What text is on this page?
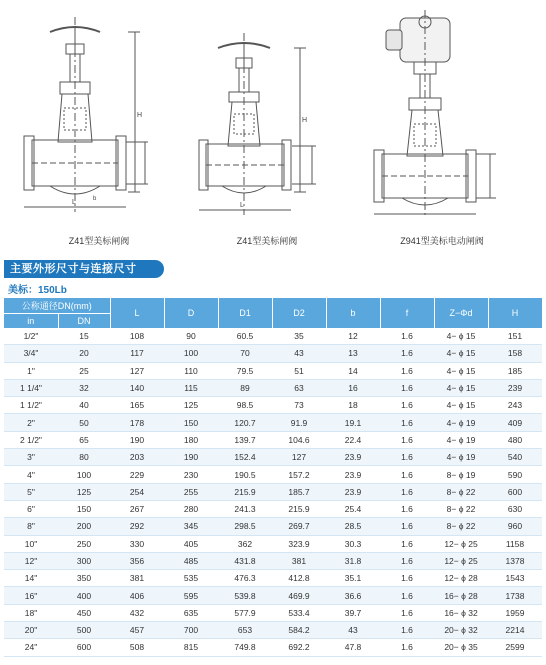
L
H
b
L
H
Z41型美标闸阀	Z41型美标闸阀	Z941型美标电动闸阀
主要外形尺寸与连接尺寸
美标：150Lb
公称通径DN(mm)		L	D	D1	D2	b	f	Z−Φd	H
in	DN								
1/2"	15	108	90	60.5	35	12	1.6	4− ϕ 15	151
3/4"	20	117	100	70	43	13	1.6	4− ϕ 15	158
1"	25	127	110	79.5	51	14	1.6	4− ϕ 15	185
1 1/4"	32	140	115	89	63	16	1.6	4− ϕ 15	239
1 1/2"	40	165	125	98.5	73	18	1.6	4− ϕ 15	243
2"	50	178	150	120.7	91.9	19.1	1.6	4− ϕ 19	409
2 1/2"	65	190	180	139.7	104.6	22.4	1.6	4− ϕ 19	480
3"	80	203	190	152.4	127	23.9	1.6	4− ϕ 19	540
4"	100	229	230	190.5	157.2	23.9	1.6	8− ϕ 19	590
5"	125	254	255	215.9	185.7	23.9	1.6	8− ϕ 22	600
6"	150	267	280	241.3	215.9	25.4	1.6	8− ϕ 22	630
8"	200	292	345	298.5	269.7	28.5	1.6	8− ϕ 22	960
10"	250	330	405	362	323.9	30.3	1.6	12− ϕ 25	1158
12"	300	356	485	431.8	381	31.8	1.6	12− ϕ 25	1378
14"	350	381	535	476.3	412.8	35.1	1.6	12− ϕ 28	1543
16"	400	406	595	539.8	469.9	36.6	1.6	16− ϕ 28	1738
18"	450	432	635	577.9	533.4	39.7	1.6	16− ϕ 32	1959
20"	500	457	700	653	584.2	43	1.6	20− ϕ 32	2214
24"	600	508	815	749.8	692.2	47.8	1.6	20− ϕ 35	2599
